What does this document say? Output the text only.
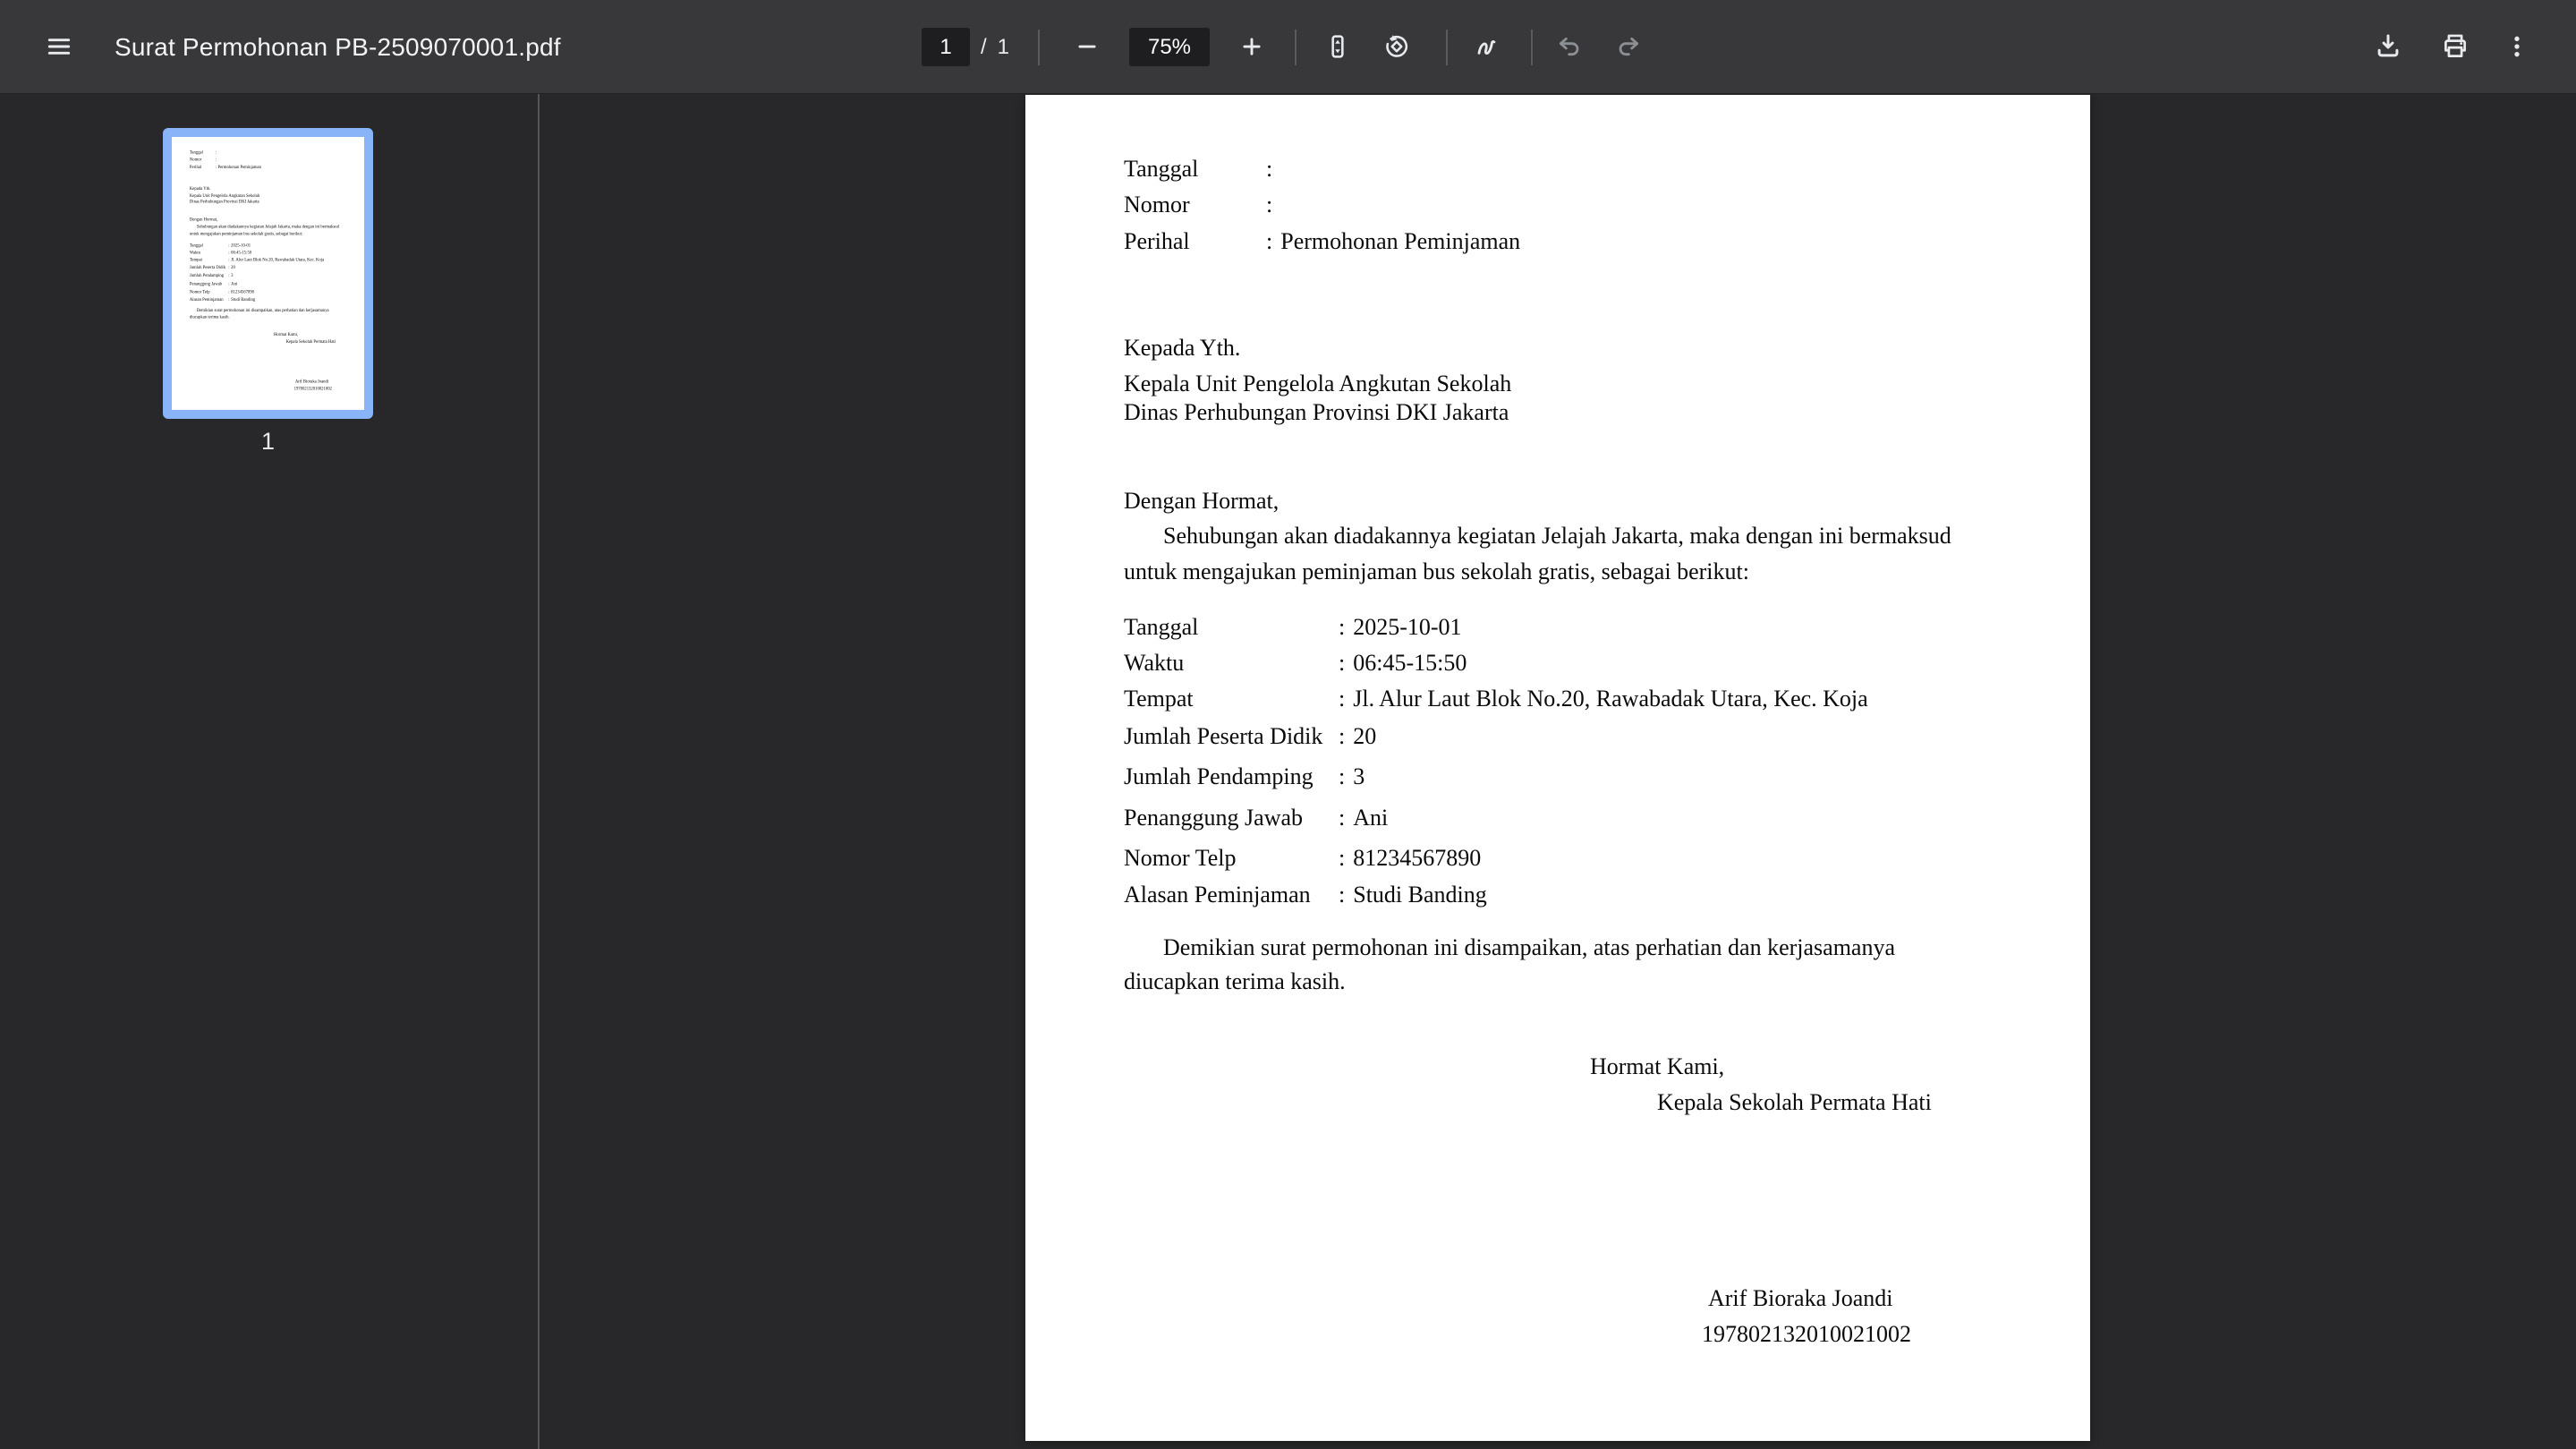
Surat Permohonan PB-2509070001.pdf
1	/ 1	75%
Tanggal :
Nomor :
Perihal :Permohonan Peminjaman
Kepada Yth.
Kepala Unit Pengelola Angkutan Sekolah
Dinas Perhubungan Provinsi DKI Jakarta
Dengan Hormat,
Sehubungan akan diadakannya kegiatan Jelajah Jakarta, maka dengan ini bermaksud
untuk mengajukan peminjaman bus sekolah gratis, sebagai berikut:
Tanggal :2025-10-01
Waktu :06:45-15:50
Tempat :Jl. Alur Laut Blok No.20, Rawabadak Utara, Kec. Koja
Jumlah Peserta Didik :20
Jumlah Pendamping :3
Penanggung Jawab :Ani
Nomor Telp :81234567890
Alasan Peminjaman :Studi Banding
Demikian surat permohonan ini disampaikan, atas perhatian dan kerjasamanya
diucapkan terima kasih.
Hormat Kami,
Kepala Sekolah Permata Hati
Arif Bioraka Joandi
197802132010021002
1
Tanggal	:
Nomor	:
Perihal	: Permohonan Peminjaman
Kepada Yth.
Kepala Unit Pengelola Angkutan Sekolah
Dinas Perhubungan Provinsi DKI Jakarta
Dengan Hormat,
Sehubungan akan diadakannya kegiatan Jelajah Jakarta, maka dengan ini bermaksud
untuk mengajukan peminjaman bus sekolah gratis, sebagai berikut:
Tanggal	: 2025-10-01
Waktu	: 06:45-15:50
Tempat	: Jl. Alur Laut Blok No.20, Rawabadak Utara, Kec. Koja
Jumlah Peserta Didik : 20
Jumlah Pendamping : 3
Penanggung Jawab : Ani
Nomor Telp	: 81234567890
Alasan Peminjaman : Studi Banding
Demikian surat permohonan ini disampaikan, atas perhatian dan kerjasamanya
diucapkan terima kasih.
Hormat Kami,
Kepala Sekolah Permata Hati
Arif Bioraka Joandi
197802132010021002
